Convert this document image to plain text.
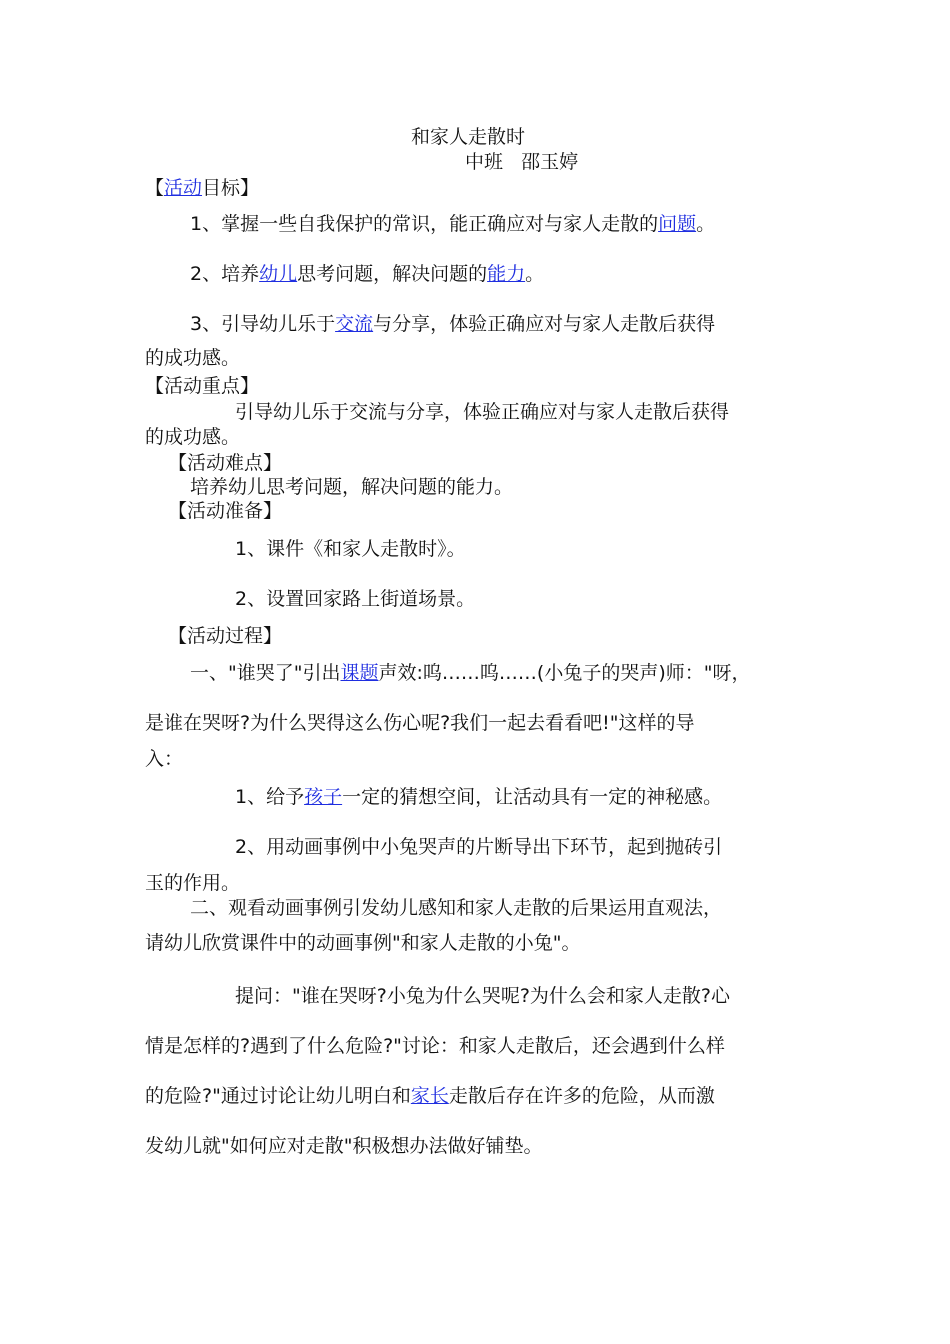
和家人走散时
中班   邵玉婷
【活动目标】
1、掌握一些自我保护的常识，能正确应对与家人走散的问题。
2、培养幼儿思考问题，解决问题的能力。
3、引导幼儿乐于交流与分享，体验正确应对与家人走散后获得
的成功感。
【活动重点】
引导幼儿乐于交流与分享，体验正确应对与家人走散后获得
的成功感。
【活动难点】
培养幼儿思考问题，解决问题的能力。
【活动准备】
1、课件《和家人走散时》。
2、设置回家路上街道场景。
【活动过程】
一、"谁哭了"引出课题声效:呜……呜……(小兔子的哭声)师："呀，
是谁在哭呀?为什么哭得这么伤心呢?我们一起去看看吧!"这样的导
入：
1、给予孩子一定的猜想空间，让活动具有一定的神秘感。
2、用动画事例中小兔哭声的片断导出下环节，起到抛砖引
玉的作用。
二、观看动画事例引发幼儿感知和家人走散的后果运用直观法，
请幼儿欣赏课件中的动画事例"和家人走散的小兔"。
提问："谁在哭呀?小兔为什么哭呢?为什么会和家人走散?心
情是怎样的?遇到了什么危险?"讨论：和家人走散后，还会遇到什么样
的危险?"通过讨论让幼儿明白和家长走散后存在许多的危险，从而激
发幼儿就"如何应对走散"积极想办法做好铺垫。
